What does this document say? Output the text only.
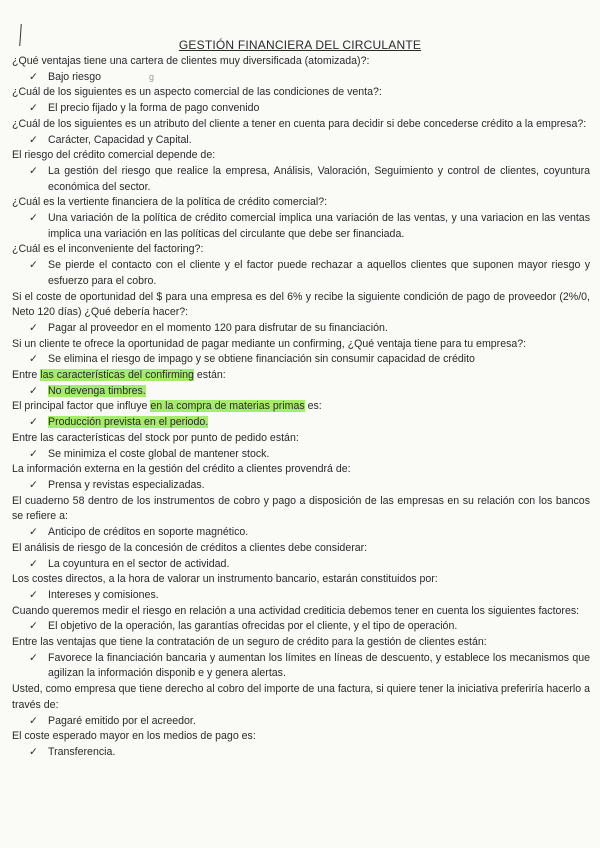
GESTIÓN FINANCIERA DEL CIRCULANTE

¿Qué ventajas tiene una cartera de clientes muy diversificada (atomizada)?:

✓ Bajo riesgo	g

¿Cuál de los siguientes es un aspecto comercial de las condiciones de venta?:

✓ El precio fijado y la forma de pago convenido

¿Cuál de los siguientes es un atributo del cliente a tener en cuenta para decidir si debe concederse crédito a la empresa?:

✓ Carácter, Capacidad y Capital.

El riesgo del crédito comercial depende de:

✓ La gestión del riesgo que realice la empresa, Análisis, Valoración, Seguimiento y control de clientes, coyuntura económica del sector.

¿Cuál es la vertiente financiera de la política de crédito comercial?:

✓ Una variación de la política de crédito comercial implica una variación de las ventas, y una variacion en las ventas implica una variación en las políticas del circulante que debe ser financiada.

¿Cuál es el inconveniente del factoring?:

✓ Se pierde el contacto con el cliente y el factor puede rechazar a aquellos clientes que suponen mayor riesgo y esfuerzo para el cobro.

Si el coste de oportunidad del $ para una empresa es del 6% y recibe la siguiente condición de pago de proveedor (2%/0, Neto 120 días) ¿Qué debería hacer?:

✓ Pagar al proveedor en el momento 120 para disfrutar de su financiación.

Si un cliente te ofrece la oportunidad de pagar mediante un confirming, ¿Qué ventaja tiene para tu empresa?:

✓ Se elimina el riesgo de impago y se obtiene financiación sin consumir capacidad de crédito

Entre las características del confirming están:

✓ No devenga timbres.

El principal factor que influye en la compra de materias primas es:

✓ Producción prevista en el periodo.

Entre las características del stock por punto de pedido están:

✓ Se minimiza el coste global de mantener stock.

La información externa en la gestión del crédito a clientes provendrá de:

✓ Prensa y revistas especializadas.

El cuaderno 58 dentro de los instrumentos de cobro y pago a disposición de las empresas en su relación con los bancos se refiere a:

✓ Anticipo de créditos en soporte magnético.

El análisis de riesgo de la concesión de créditos a clientes debe considerar:

✓ La coyuntura en el sector de actividad.

Los costes directos, a la hora de valorar un instrumento bancario, estarán constituidos por:

✓ Intereses y comisiones.

Cuando queremos medir el riesgo en relación a una actividad crediticia debemos tener en cuenta los siguientes factores:

✓ El objetivo de la operación, las garantías ofrecidas por el cliente, y el tipo de operación.

Entre las ventajas que tiene la contratación de un seguro de crédito para la gestión de clientes están:

✓ Favorece la financiación bancaria y aumentan los límites en líneas de descuento, y establece los mecanismos que agilizan la información disponib e y genera alertas.

Usted, como empresa que tiene derecho al cobro del importe de una factura, si quiere tener la iniciativa preferiría hacerlo a través de:

✓ Pagaré emitido por el acreedor.

El coste esperado mayor en los medios de pago es:

✓ Transferencia.
